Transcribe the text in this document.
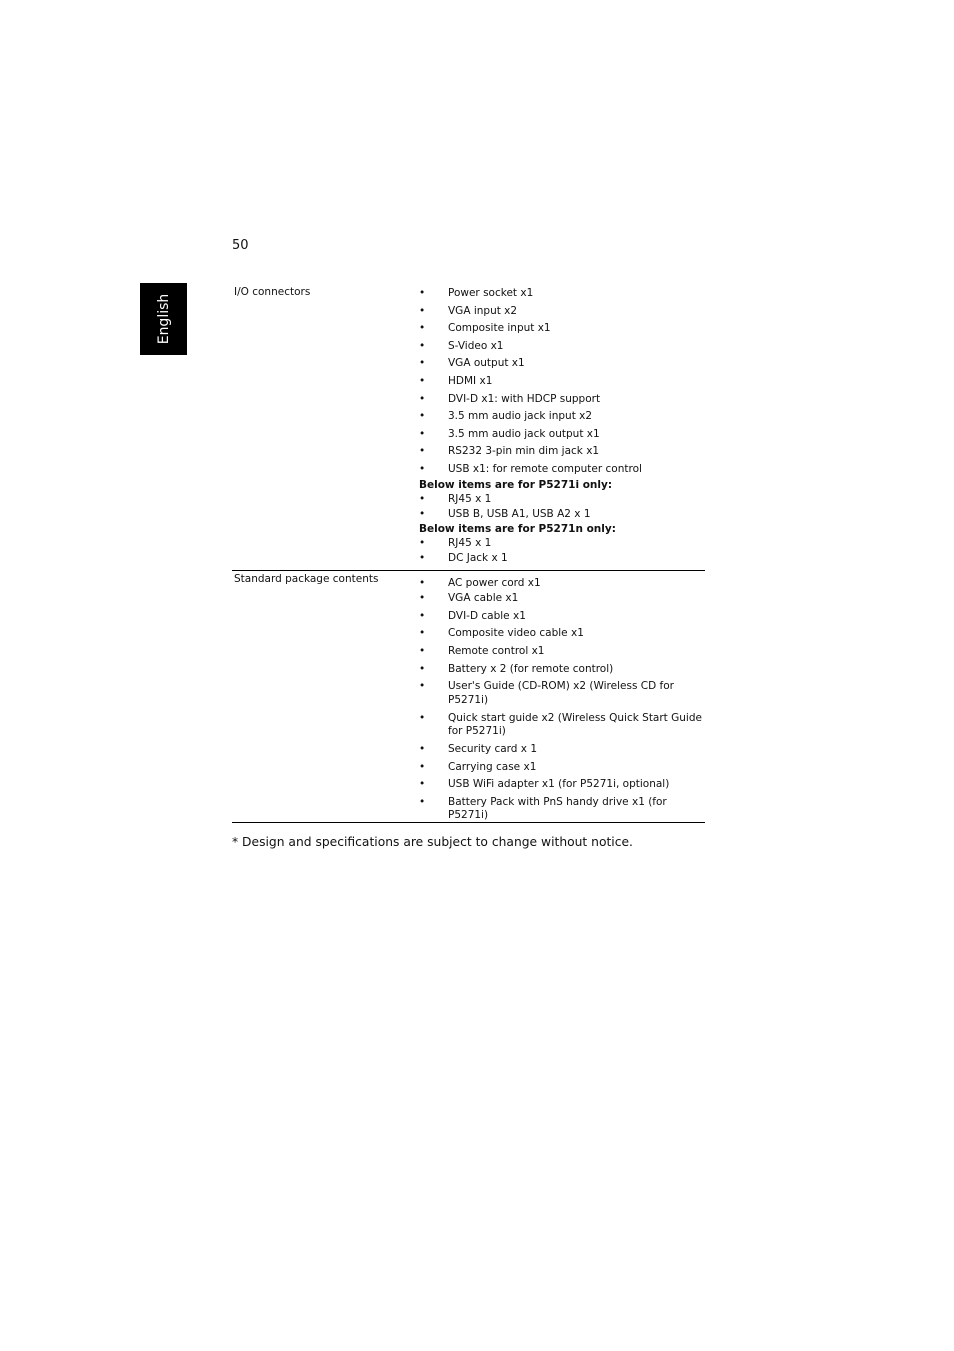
50
English
I/O connectors	• Power socket x1
• VGA input x2
• Composite input x1
• S-Video x1
• VGA output x1
• HDMI x1
• DVI-D x1: with HDCP support
• 3.5 mm audio jack input x2
• 3.5 mm audio jack output x1
• RS232 3-pin min dim jack x1
• USB x1: for remote computer control
Below items are for P5271i only:
• RJ45 x 1
• USB B, USB A1, USB A2 x 1
Below items are for P5271n only:
• RJ45 x 1
• DC Jack x 1
Standard package contents	• AC power cord x1
• VGA cable x1
• DVI-D cable x1
• Composite video cable x1
• Remote control x1
• Battery x 2 (for remote control)
• User's Guide (CD-ROM) x2 (Wireless CD for P5271i)
• Quick start guide x2 (Wireless Quick Start Guide for P5271i)
• Security card x 1
• Carrying case x1
• USB WiFi adapter x1 (for P5271i, optional)
• Battery Pack with PnS handy drive x1 (for P5271i)
* Design and specifications are subject to change without notice.
